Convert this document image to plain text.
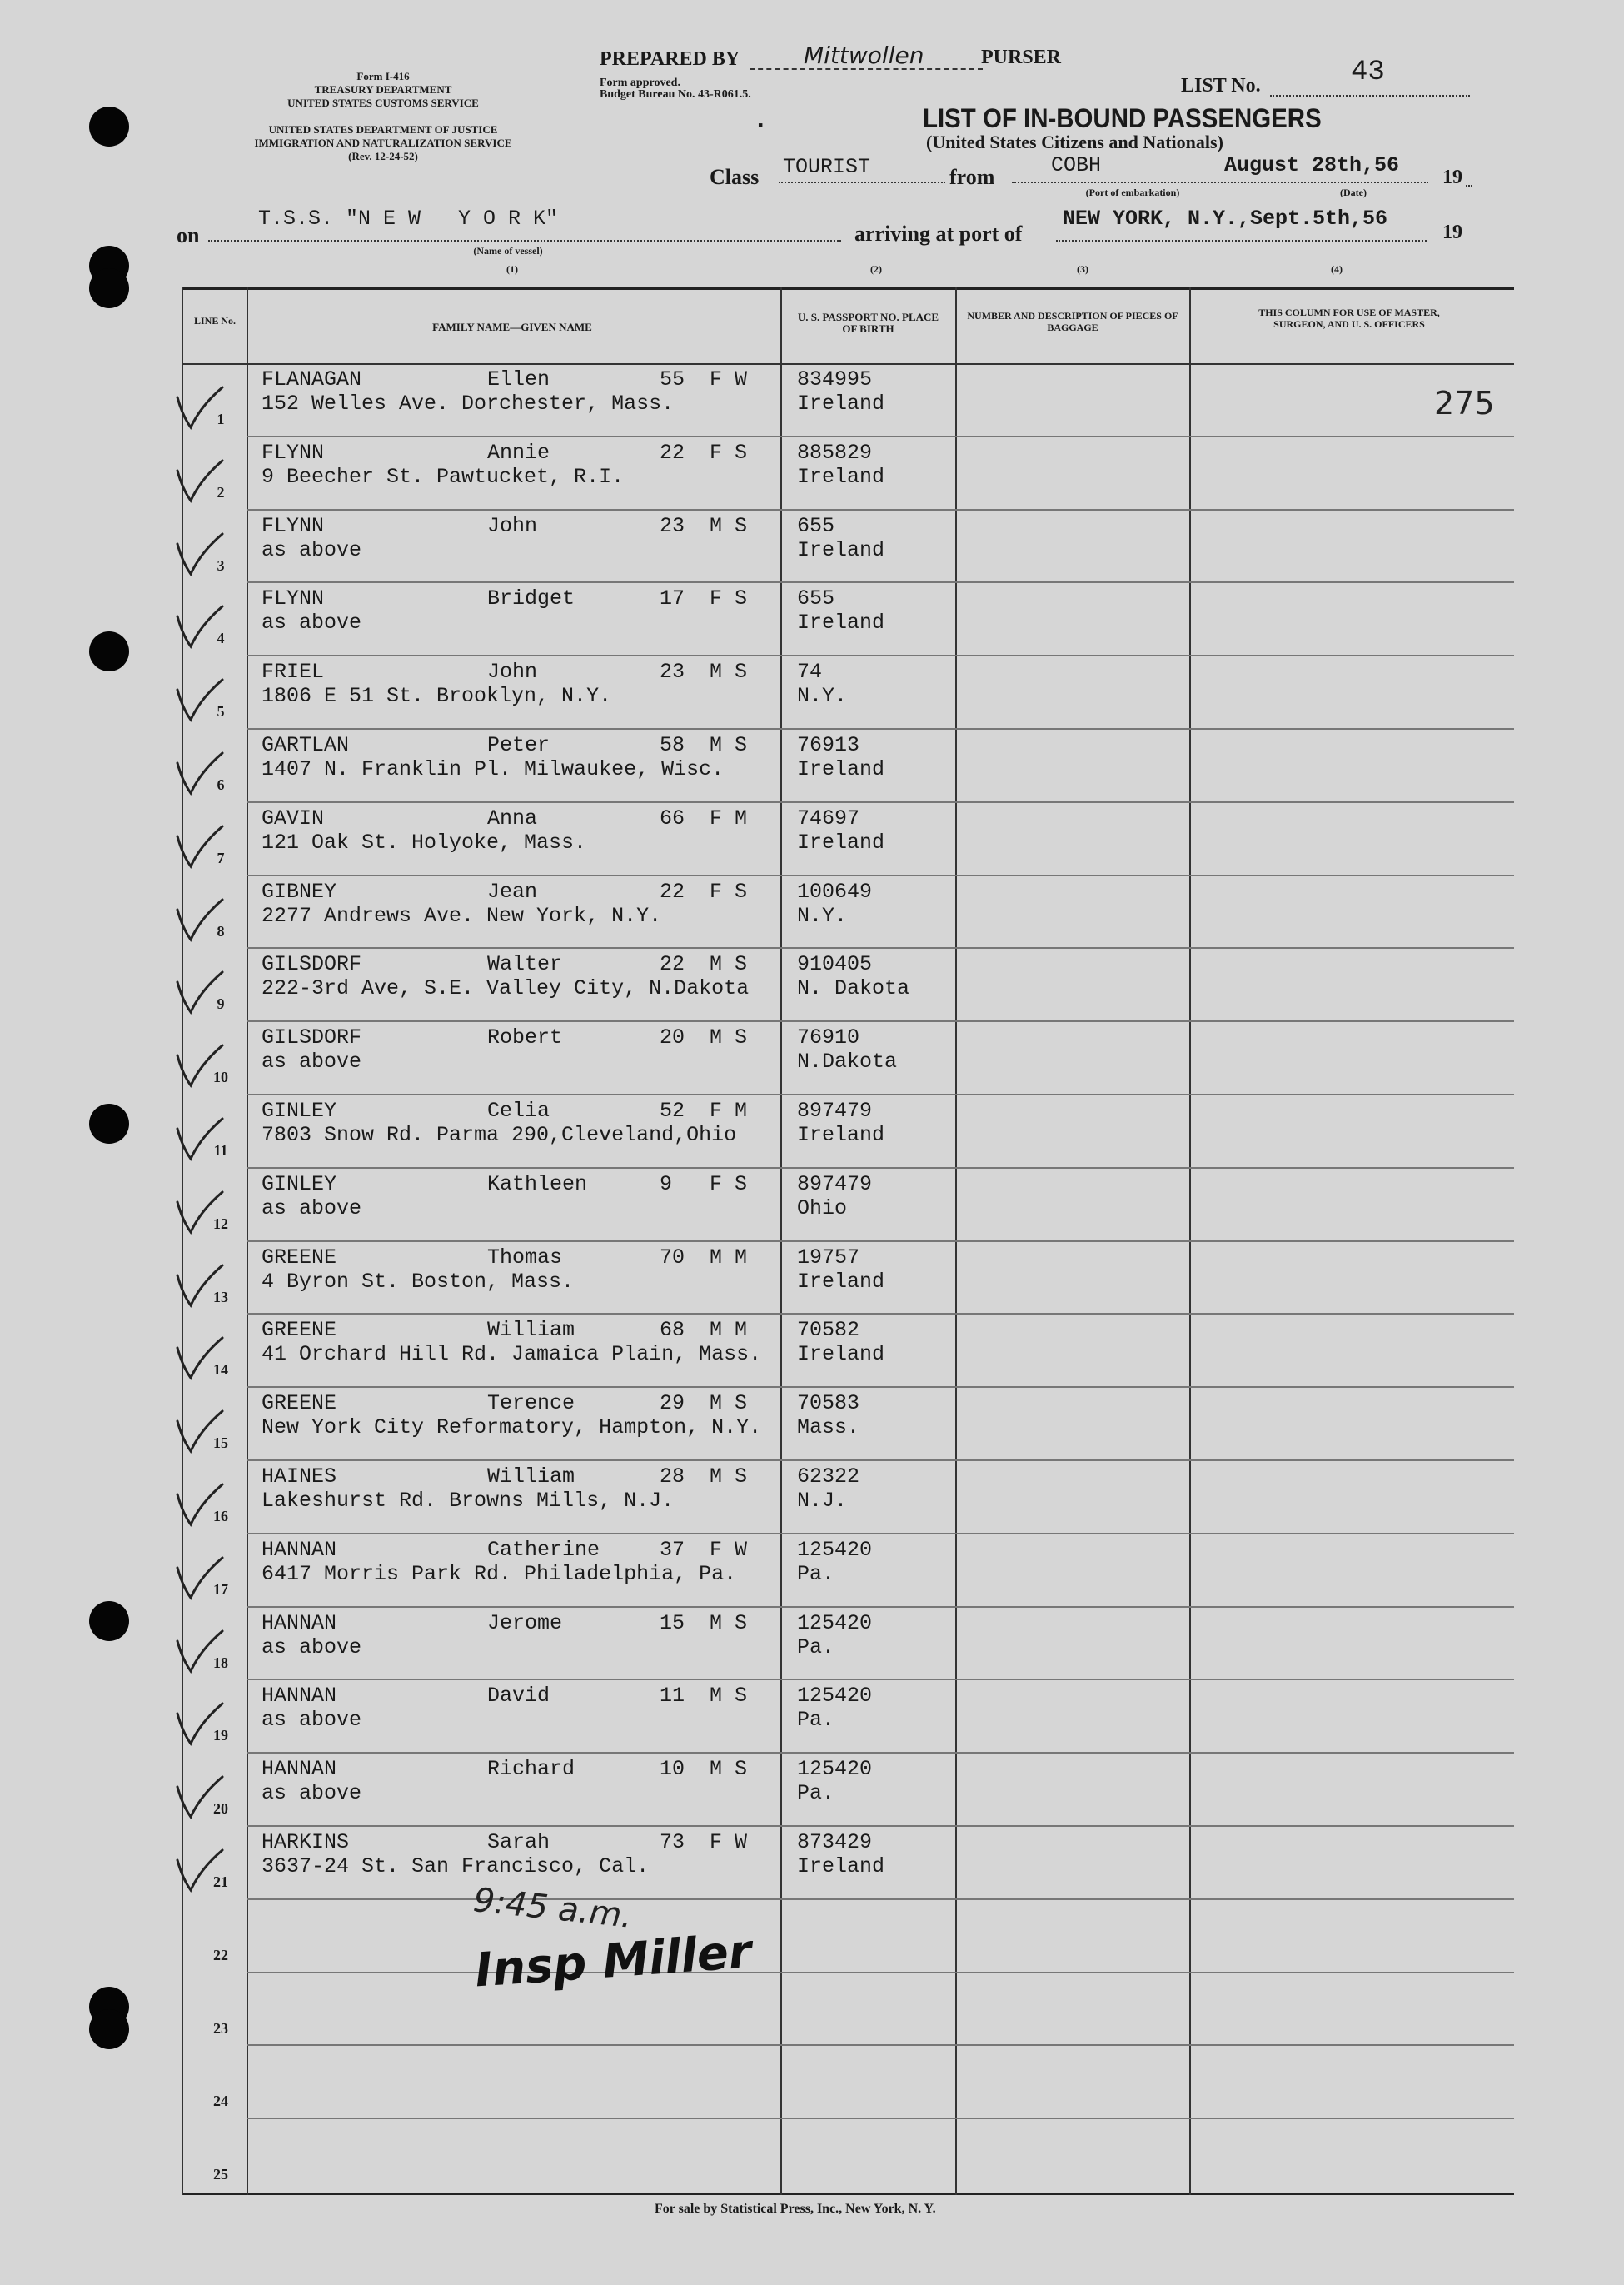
Form I-416
TREASURY DEPARTMENT
UNITED STATES CUSTOMS SERVICE
UNITED STATES DEPARTMENT OF JUSTICE
IMMIGRATION AND NATURALIZATION SERVICE
(Rev. 12-24-52)
PREPARED BY	Mittwollen	PURSER
Form approved.
Budget Bureau No. 43-R061.5.
▪
LIST No.	43
LIST OF IN-BOUND PASSENGERS
(United States Citizens and Nationals)
Class TOURIST	from	COBH	August 28th,56 19
(Port of embarkation)	(Date)
on
T.S.S. "N E W   Y O R K"
(Name of vessel)
arriving at port of
NEW YORK, N.Y.,Sept.5th,56
19
(1)	(2)	(3)	(4)
LINE No.	FAMILY NAME—GIVEN NAME
U. S. PASSPORT NO. PLACE OF BIRTH
NUMBER AND DESCRIPTION OF PIECES OF BAGGAGE
THIS COLUMN FOR USE OF MASTER, SURGEON, AND U. S. OFFICERS
275
1
FLANAGAN	Ellen	55 F W
152 Welles Ave. Dorchester, Mass.
834995
Ireland
2
FLYNN	Annie	22 F S
9 Beecher St. Pawtucket, R.I.
885829
Ireland
3
FLYNN	John	23 M S
as above
655
Ireland
4
FLYNN	Bridget	17 F S
as above
655
Ireland
5
FRIEL	John	23 M S
1806 E 51 St. Brooklyn, N.Y.
74
N.Y.
6
GARTLAN	Peter	58 M S
1407 N. Franklin Pl. Milwaukee, Wisc.
76913
Ireland
7
GAVIN	Anna	66 F M
121 Oak St. Holyoke, Mass.
74697
Ireland
8
GIBNEY	Jean	22 F S
2277 Andrews Ave. New York, N.Y.
100649
N.Y.
9
GILSDORF	Walter	22 M S
222-3rd Ave, S.E. Valley City, N.Dakota
910405
N. Dakota
10
GILSDORF	Robert	20 M S
as above
76910
N.Dakota
11
GINLEY	Celia	52 F M
7803 Snow Rd. Parma 290,Cleveland,Ohio
897479
Ireland
12
GINLEY	Kathleen	9 F S
as above
897479
Ohio
13
GREENE	Thomas	70 M M
4 Byron St. Boston, Mass.
19757
Ireland
14
GREENE	William	68 M M
41 Orchard Hill Rd. Jamaica Plain, Mass.
70582
Ireland
15
GREENE	Terence	29 M S
New York City Reformatory, Hampton, N.Y.
70583
Mass.
16
HAINES	William	28 M S
Lakeshurst Rd. Browns Mills, N.J.
62322
N.J.
17
HANNAN	Catherine	37 F W
6417 Morris Park Rd. Philadelphia, Pa.
125420
Pa.
18
HANNAN	Jerome	15 M S
as above
125420
Pa.
19
HANNAN	David	11 M S
as above
125420
Pa.
20
HANNAN	Richard	10 M S
as above
125420
Pa.
21
HARKINS	Sarah	73 F W
3637-24 St. San Francisco, Cal.
873429
Ireland
22
23
24
25
9:45 a.m.
Insp Miller
For sale by Statistical Press, Inc., New York, N. Y.
